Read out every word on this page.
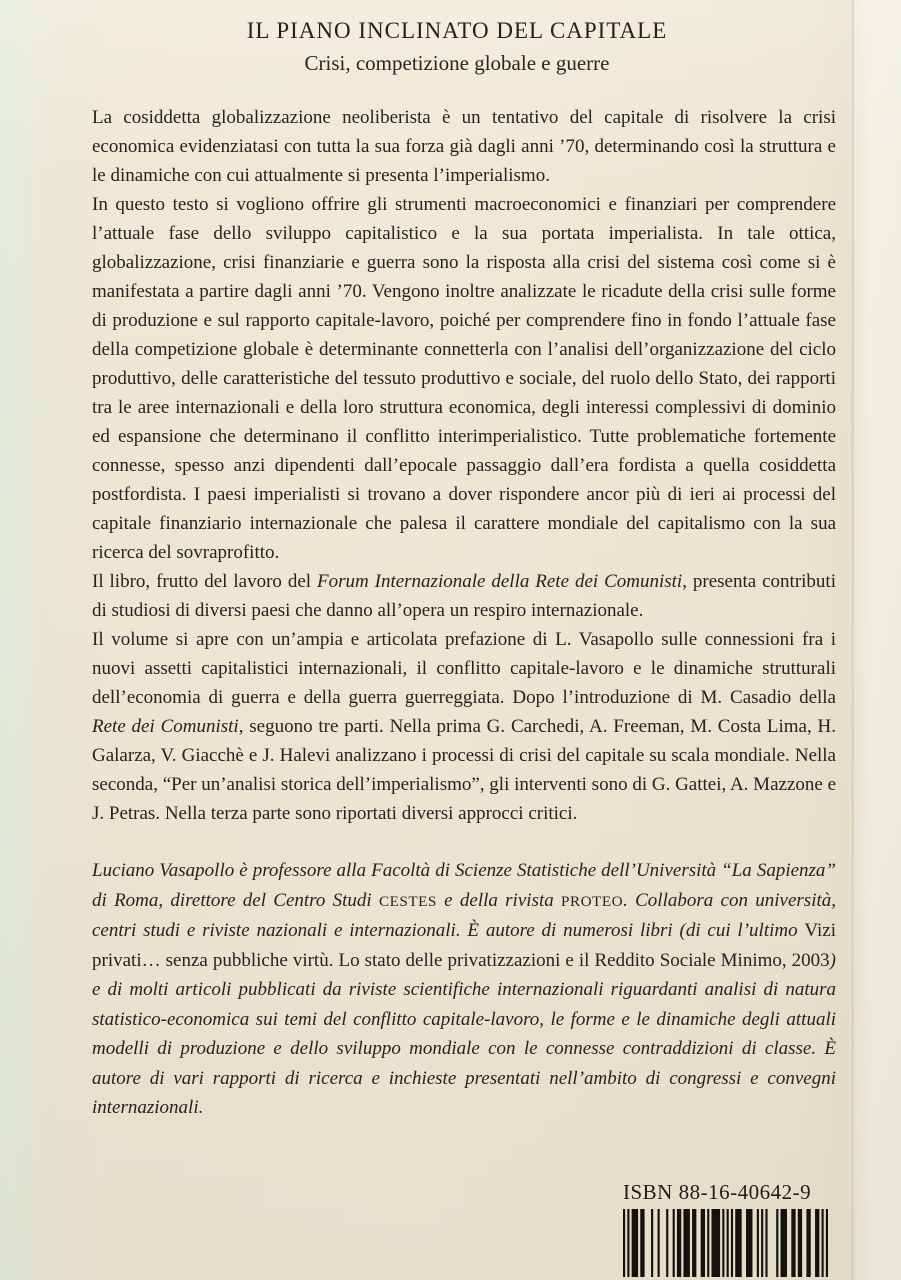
IL PIANO INCLINATO DEL CAPITALE
Crisi, competizione globale e guerre

La cosiddetta globalizzazione neoliberista è un tentativo del capitale di risolvere la crisi economica evidenziatasi con tutta la sua forza già dagli anni ’70, determinando così la struttura e le dinamiche con cui attualmente si presenta l’imperialismo.

In questo testo si vogliono offrire gli strumenti macroeconomici e finanziari per comprendere l’attuale fase dello sviluppo capitalistico e la sua portata imperialista. In tale ottica, globalizzazione, crisi finanziarie e guerra sono la risposta alla crisi del sistema così come si è manifestata a partire dagli anni ’70. Vengono inoltre analizzate le ricadute della crisi sulle forme di produzione e sul rapporto capitale-lavoro, poiché per comprendere fino in fondo l’attuale fase della competizione globale è determinante connetterla con l’analisi dell’organizzazione del ciclo produttivo, delle caratteristiche del tessuto produttivo e sociale, del ruolo dello Stato, dei rapporti tra le aree internazionali e della loro struttura economica, degli interessi complessivi di dominio ed espansione che determinano il conflitto interimperialistico. Tutte problematiche fortemente connesse, spesso anzi dipendenti dall’epocale passaggio dall’era fordista a quella cosiddetta postfordista. I paesi imperialisti si trovano a dover rispondere ancor più di ieri ai processi del capitale finanziario internazionale che palesa il carattere mondiale del capitalismo con la sua ricerca del sovraprofitto.

Il libro, frutto del lavoro del Forum Internazionale della Rete dei Comunisti, presenta contributi di studiosi di diversi paesi che danno all’opera un respiro internazionale.

Il volume si apre con un’ampia e articolata prefazione di L. Vasapollo sulle connessioni fra i nuovi assetti capitalistici internazionali, il conflitto capitale-lavoro e le dinamiche strutturali dell’economia di guerra e della guerra guerreggiata. Dopo l’introduzione di M. Casadio della Rete dei Comunisti, seguono tre parti. Nella prima G. Carchedi, A. Freeman, M. Costa Lima, H. Galarza, V. Giacchè e J. Halevi analizzano i processi di crisi del capitale su scala mondiale. Nella seconda, “Per un’analisi storica dell’imperialismo”, gli interventi sono di G. Gattei, A. Mazzone e J. Petras. Nella terza parte sono riportati diversi approcci critici.

Luciano Vasapollo è professore alla Facoltà di Scienze Statistiche dell’Università “La Sapienza” di Roma, direttore del Centro Studi CESTES e della rivista PROTEO. Collabora con università, centri studi e riviste nazionali e internazionali. È autore di numerosi libri (di cui l’ultimo Vizi privati… senza pubbliche virtù. Lo stato delle privatizzazioni e il Reddito Sociale Minimo, 2003) e di molti articoli pubblicati da riviste scientifiche internazionali riguardanti analisi di natura statistico-economica sui temi del conflitto capitale-lavoro, le forme e le dinamiche degli attuali modelli di produzione e dello sviluppo mondiale con le connesse contraddizioni di classe. È autore di vari rapporti di ricerca e inchieste presentati nell’ambito di congressi e convegni internazionali.

ISBN 88-16-40642-9
